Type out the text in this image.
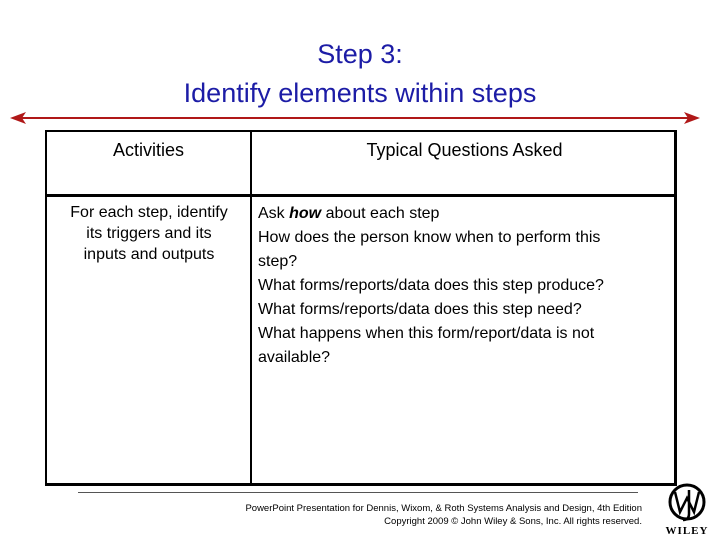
Step 3:
Identify elements within steps
Activities	Typical Questions Asked
For each step, identify
its triggers and its
inputs and outputs
Ask how about each step
How does the person know when to perform this
step?
What forms/reports/data does this step produce?
What forms/reports/data does this step need?
What happens when this form/report/data is not
available?
PowerPoint Presentation for Dennis, Wixom, & Roth Systems Analysis and Design, 4th Edition
Copyright 2009 © John Wiley & Sons, Inc. All rights reserved.
WILEY
